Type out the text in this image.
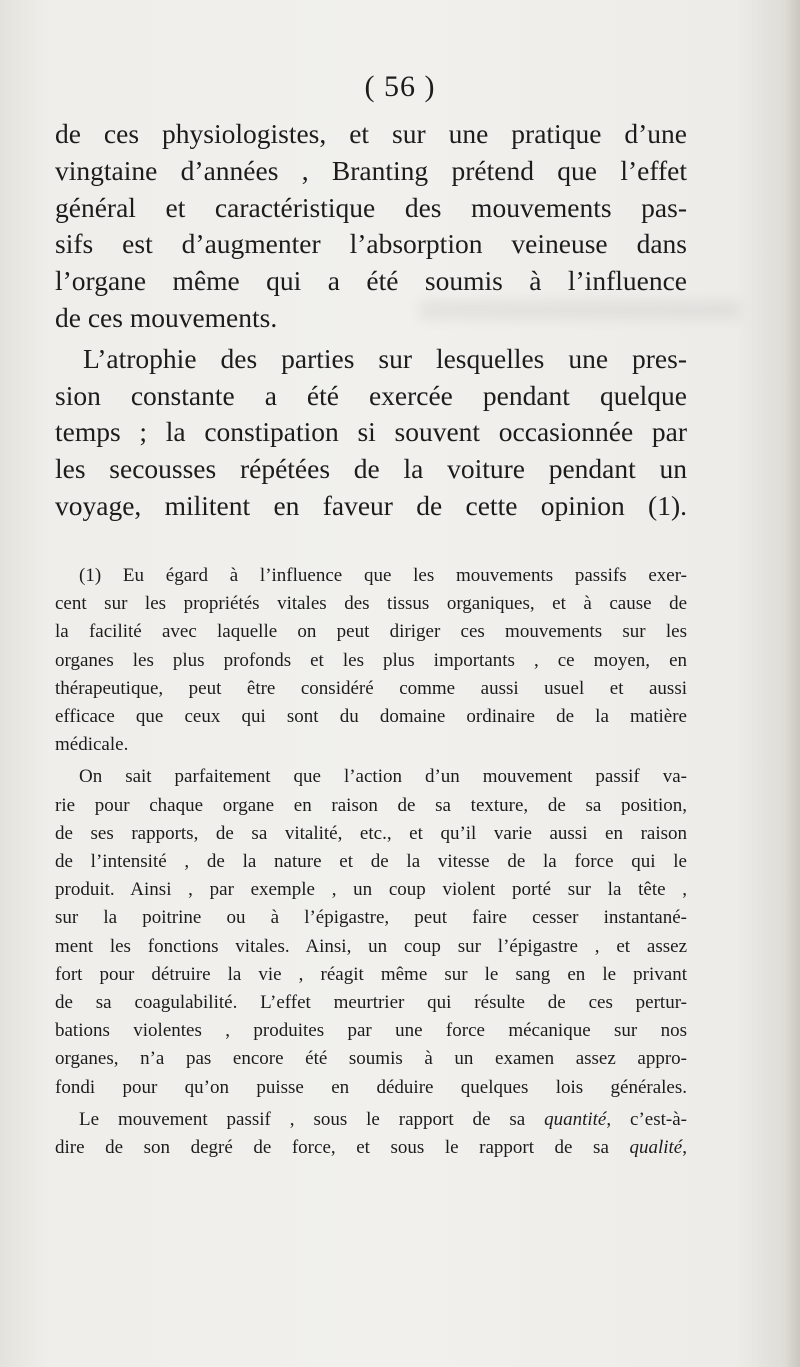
( 56 )
de ces physiologistes, et sur une pratique d’une
vingtaine d’années , Branting prétend que l’effet
général et caractéristique des mouvements pas-
sifs est d’augmenter l’absorption veineuse dans
l’organe même qui a été soumis à l’influence
de ces mouvements.
L’atrophie des parties sur lesquelles une pres-
sion constante a été exercée pendant quelque
temps ; la constipation si souvent occasionnée par
les secousses répétées de la voiture pendant un
voyage, militent en faveur de cette opinion (1).
(1) Eu égard à l’influence que les mouvements passifs exer-
cent sur les propriétés vitales des tissus organiques, et à cause de
la facilité avec laquelle on peut diriger ces mouvements sur les
organes les plus profonds et les plus importants , ce moyen, en
thérapeutique, peut être considéré comme aussi usuel et aussi
efficace que ceux qui sont du domaine ordinaire de la matière
médicale.
On sait parfaitement que l’action d’un mouvement passif va-
rie pour chaque organe en raison de sa texture, de sa position,
de ses rapports, de sa vitalité, etc., et qu’il varie aussi en raison
de l’intensité , de la nature et de la vitesse de la force qui le
produit. Ainsi , par exemple , un coup violent porté sur la tête ,
sur la poitrine ou à l’épigastre, peut faire cesser instantané-
ment les fonctions vitales. Ainsi, un coup sur l’épigastre , et assez
fort pour détruire la vie , réagit même sur le sang en le privant
de sa coagulabilité. L’effet meurtrier qui résulte de ces pertur-
bations violentes , produites par une force mécanique sur nos
organes, n’a pas encore été soumis à un examen assez appro-
fondi pour qu’on puisse en déduire quelques lois générales.
Le mouvement passif , sous le rapport de sa quantité, c’est-à-
dire de son degré de force, et sous le rapport de sa qualité,
